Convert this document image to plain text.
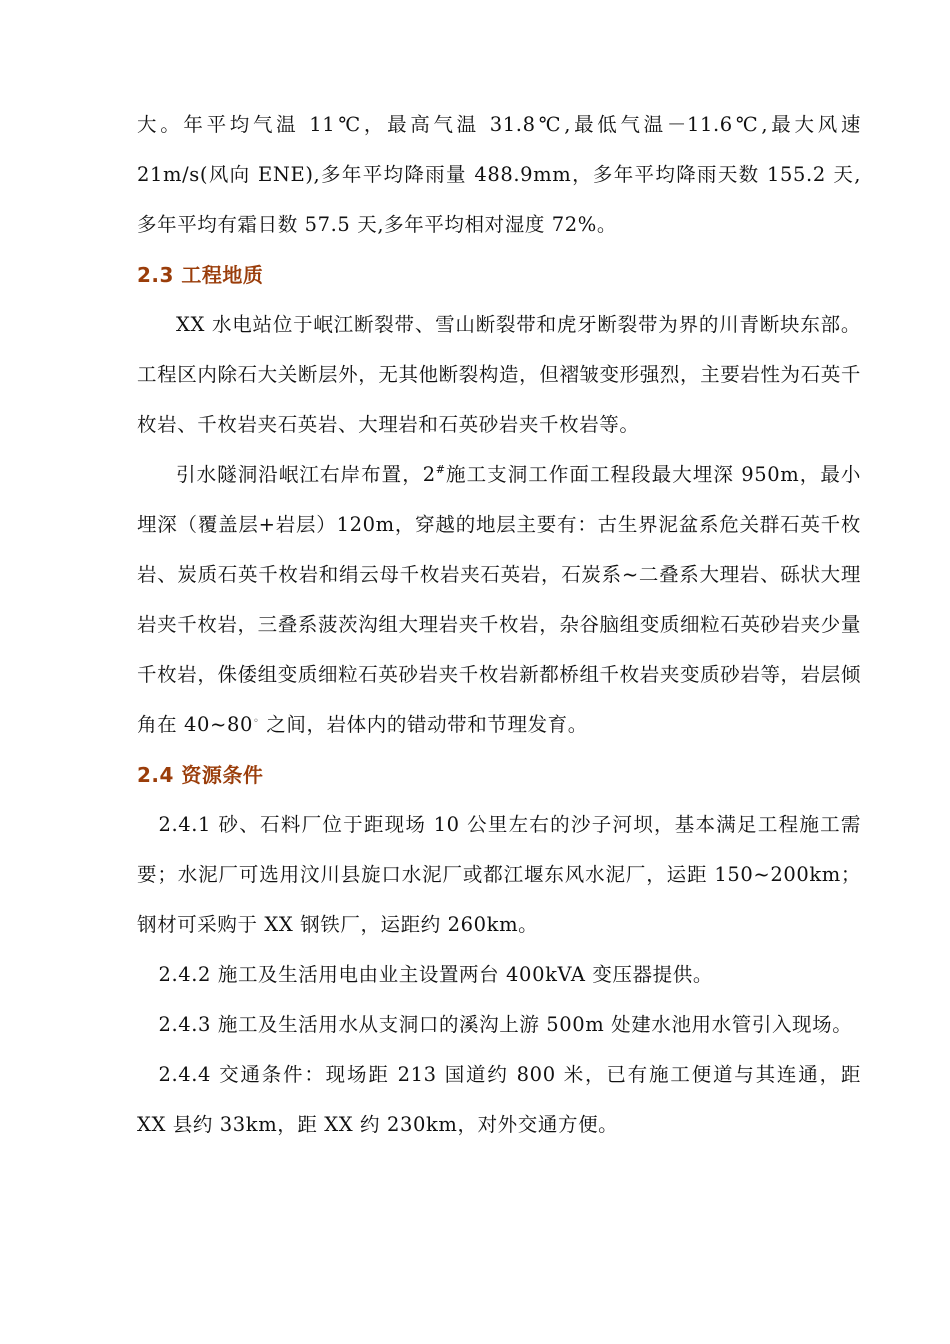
大。年平均气温 11℃，最高气温 31.8℃,最低气温－11.6℃,最大风速 21m/s(风向 ENE),多年平均降雨量 488.9mm，多年平均降雨天数 155.2 天,多年平均有霜日数 57.5 天,多年平均相对湿度 72%。

2.3 工程地质

XX 水电站位于岷江断裂带、雪山断裂带和虎牙断裂带为界的川青断块东部。工程区内除石大关断层外，无其他断裂构造，但褶皱变形强烈，主要岩性为石英千枚岩、千枚岩夹石英岩、大理岩和石英砂岩夹千枚岩等。

引水隧洞沿岷江右岸布置，2#施工支洞工作面工程段最大埋深 950m，最小埋深（覆盖层+岩层）120m，穿越的地层主要有：古生界泥盆系危关群石英千枚岩、炭质石英千枚岩和绢云母千枚岩夹石英岩，石炭系~二叠系大理岩、砾状大理岩夹千枚岩，三叠系菠茨沟组大理岩夹千枚岩，杂谷脑组变质细粒石英砂岩夹少量千枚岩，侏倭组变质细粒石英砂岩夹千枚岩新都桥组千枚岩夹变质砂岩等，岩层倾角在 40~80◦ 之间，岩体内的错动带和节理发育。

2.4 资源条件

2.4.1 砂、石料厂位于距现场 10 公里左右的沙子河坝，基本满足工程施工需要；水泥厂可选用汶川县旋口水泥厂或都江堰东风水泥厂，运距 150~200km；钢材可采购于 XX 钢铁厂，运距约 260km。

2.4.2 施工及生活用电由业主设置两台 400kVA 变压器提供。

2.4.3 施工及生活用水从支洞口的溪沟上游 500m 处建水池用水管引入现场。

2.4.4 交通条件：现场距 213 国道约 800 米，已有施工便道与其连通，距 XX 县约 33km，距 XX 约 230km，对外交通方便。
